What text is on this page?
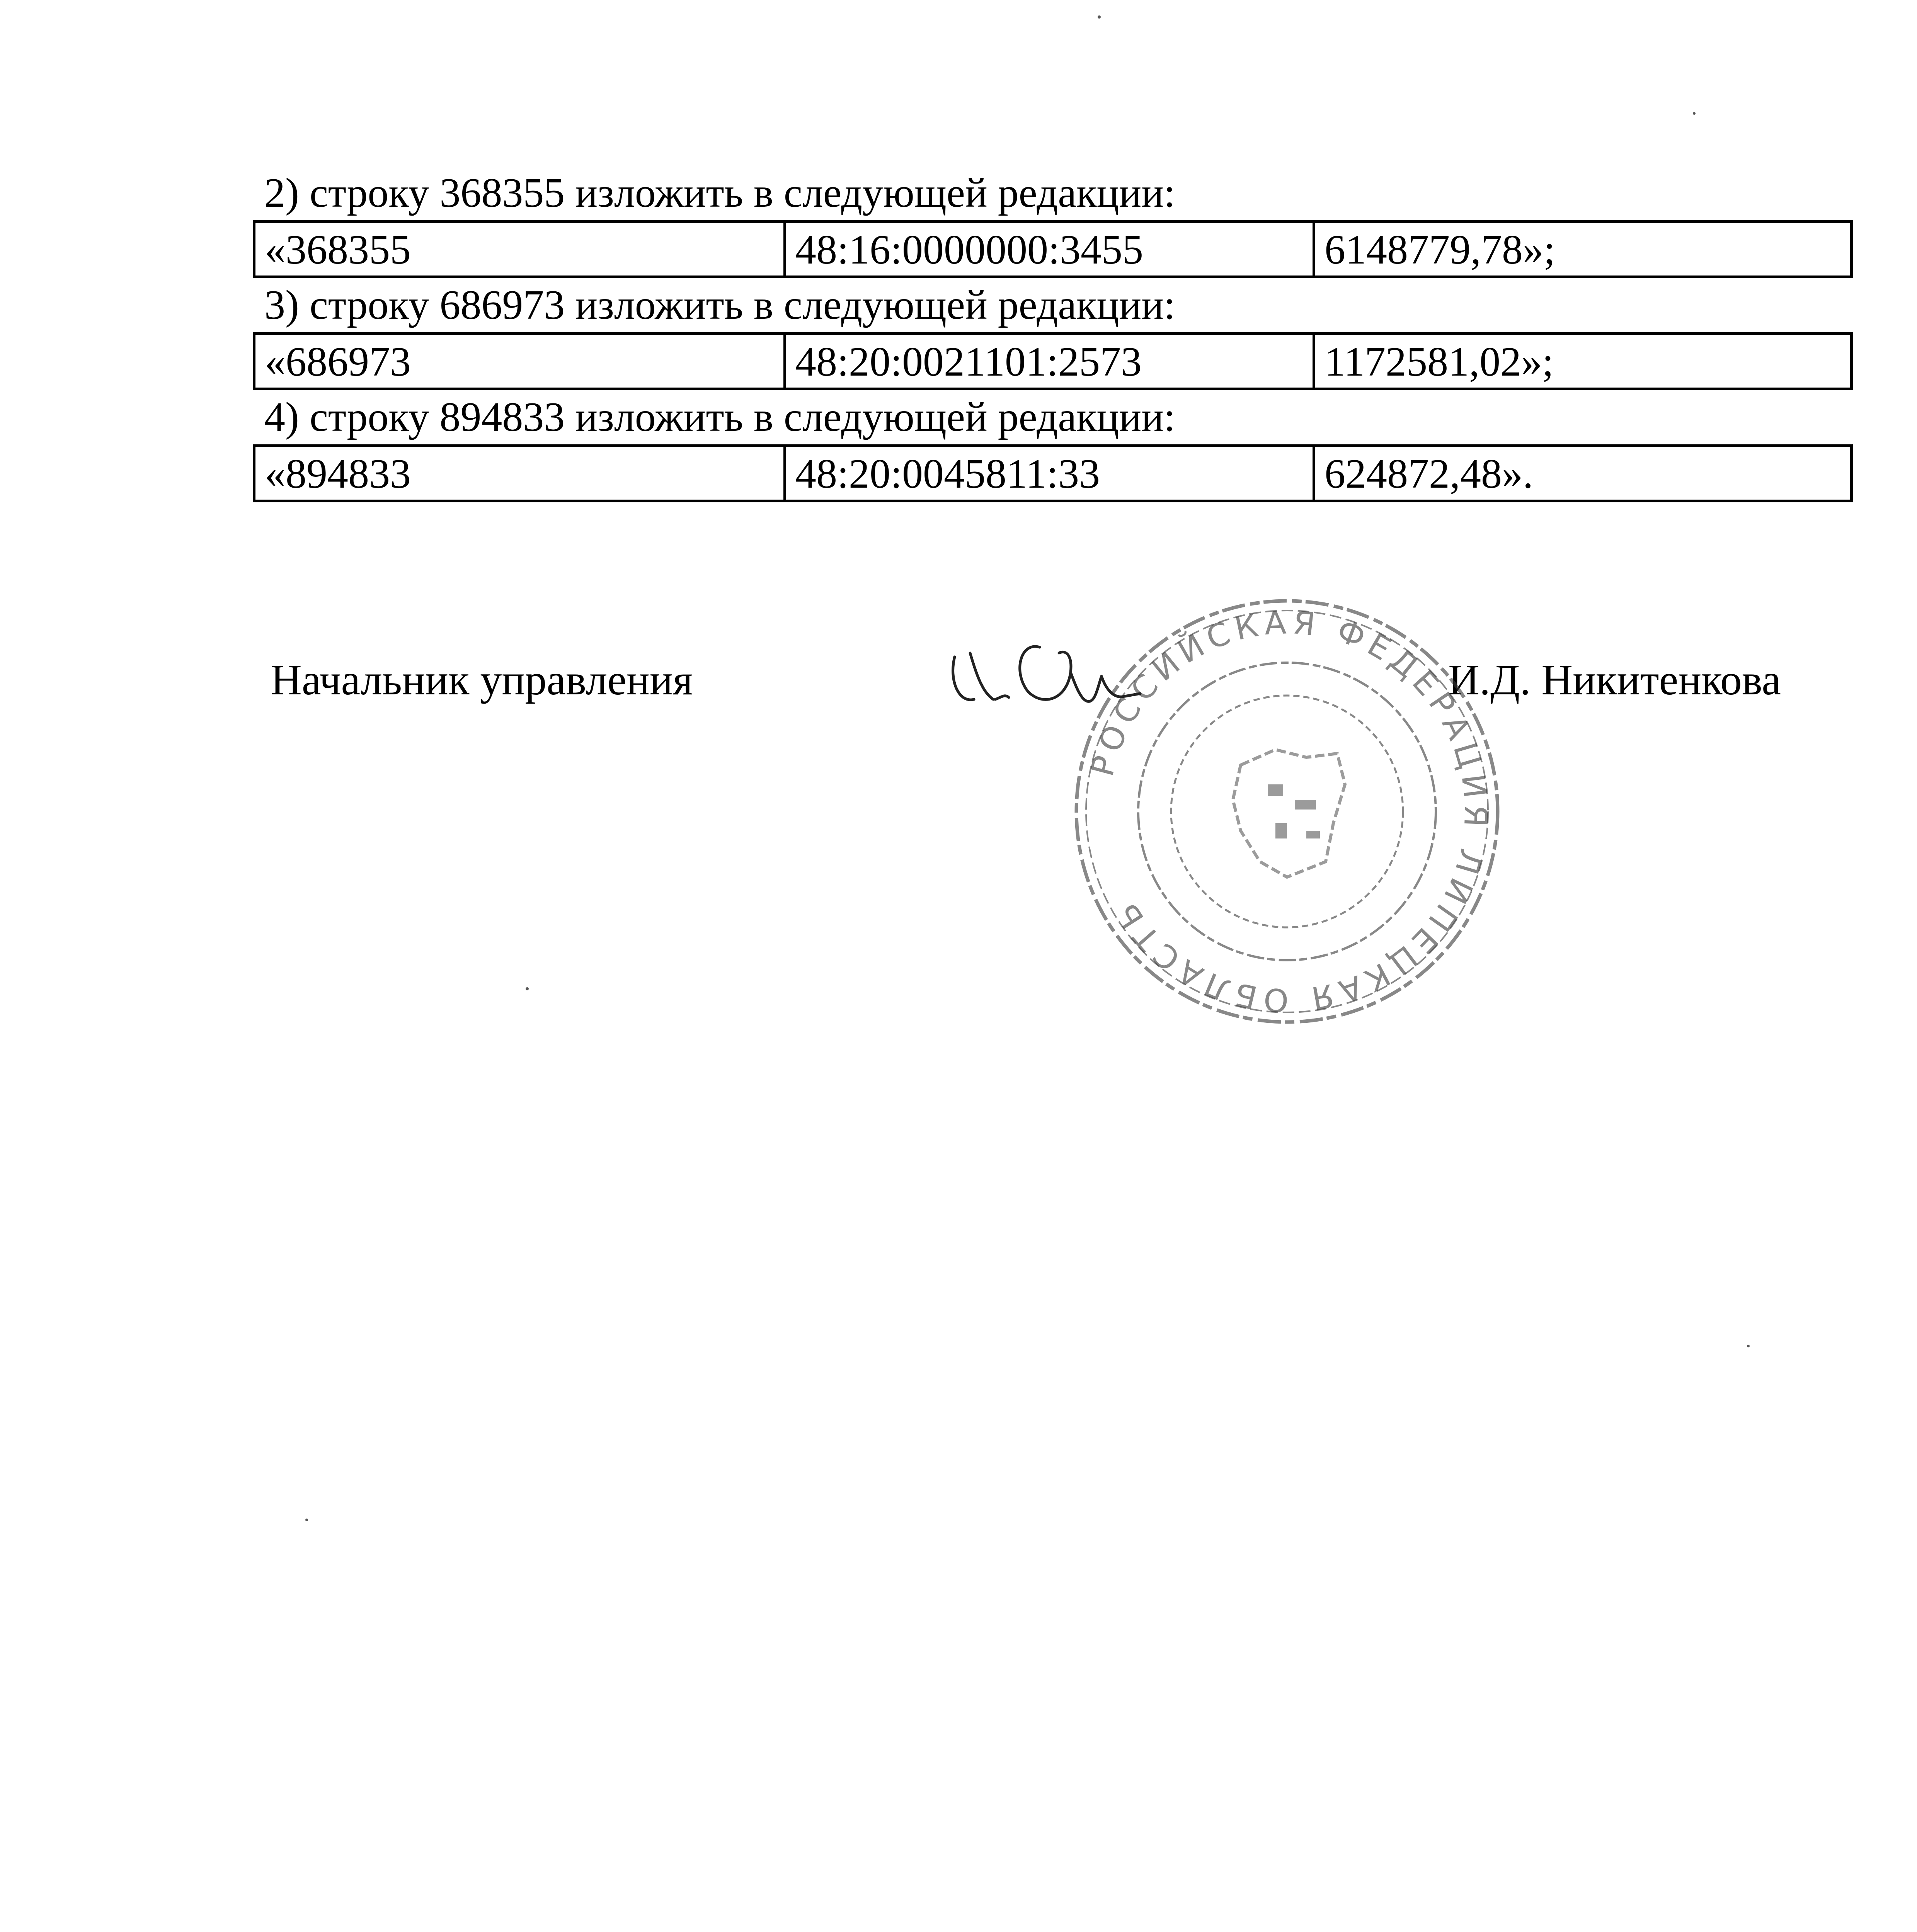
2) строку 368355 изложить в следующей редакции:
«368355	48:16:0000000:3455	6148779,78»;
3) строку 686973 изложить в следующей редакции:
«686973	48:20:0021101:2573	1172581,02»;
4) строку 894833 изложить в следующей редакции:
«894833	48:20:0045811:33	624872,48».
Начальник управления	И.Д. Никитенкова
РОССИЙСКАЯ ФЕДЕРАЦИЯ ЛИПЕЦКАЯ ОБЛАСТЬ
